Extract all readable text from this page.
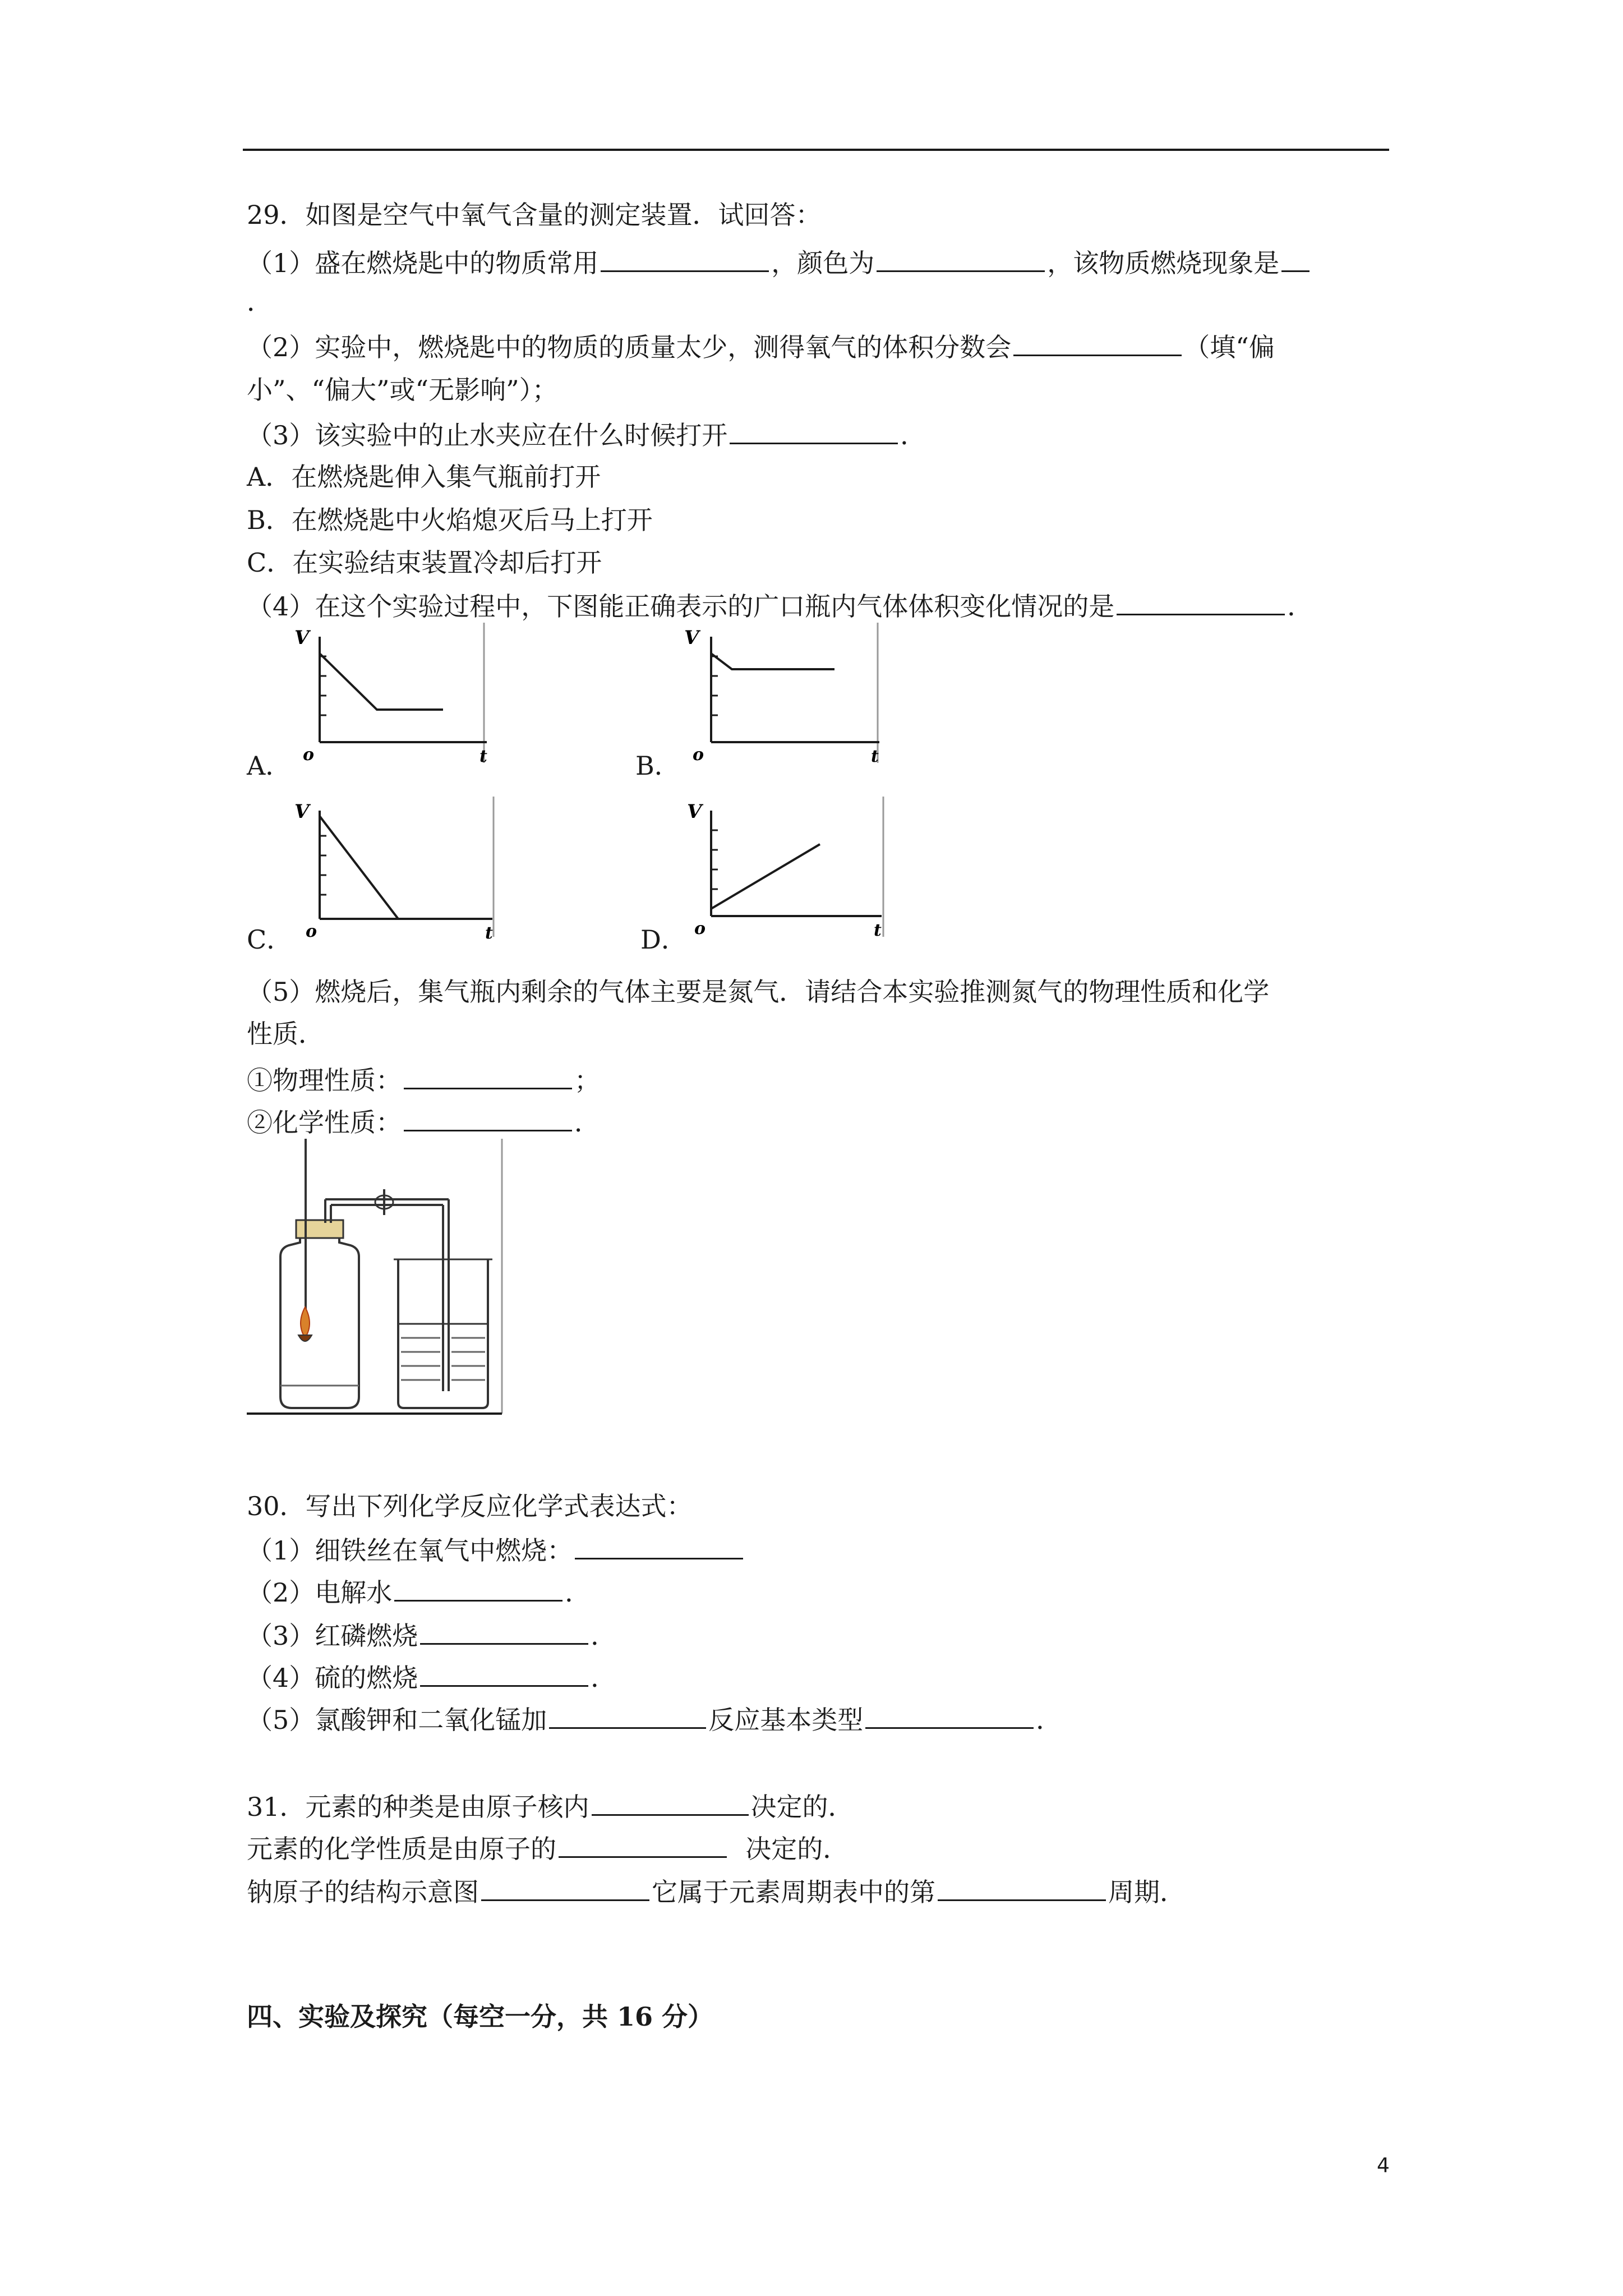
29．如图是空气中氧气含量的测定装置．试回答：
（1）盛在燃烧匙中的物质常用	，颜色为	，该物质燃烧现象是
．
（2）实验中，燃烧匙中的物质的质量太少，测得氧气的体积分数会	（填“偏
小”、“偏大”或“无影响”）；
（3）该实验中的止水夹应在什么时候打开	．
A．在燃烧匙伸入集气瓶前打开
B．在燃烧匙中火焰熄灭后马上打开
C．在实验结束装置冷却后打开
（4）在这个实验过程中，下图能正确表示的广口瓶内气体体积变化情况的是	．
A．
V
o	t	B．
V
o	t
C．
V
o	t	D．
V
o	t
（5）燃烧后，集气瓶内剩余的气体主要是氮气．请结合本实验推测氮气的物理性质和化学
性质．
①物理性质：	；
②化学性质：	．
30．写出下列化学反应化学式表达式：
（1）细铁丝在氧气中燃烧：
（2）电解水	．
（3）红磷燃烧	．
（4）硫的燃烧	．
（5）氯酸钾和二氧化锰加	反应基本类型	．
31．元素的种类是由原子核内	决定的．
元素的化学性质是由原子的	决定的．
钠原子的结构示意图	它属于元素周期表中的第	周期．
四、实验及探究（每空一分，共 16 分）
4
